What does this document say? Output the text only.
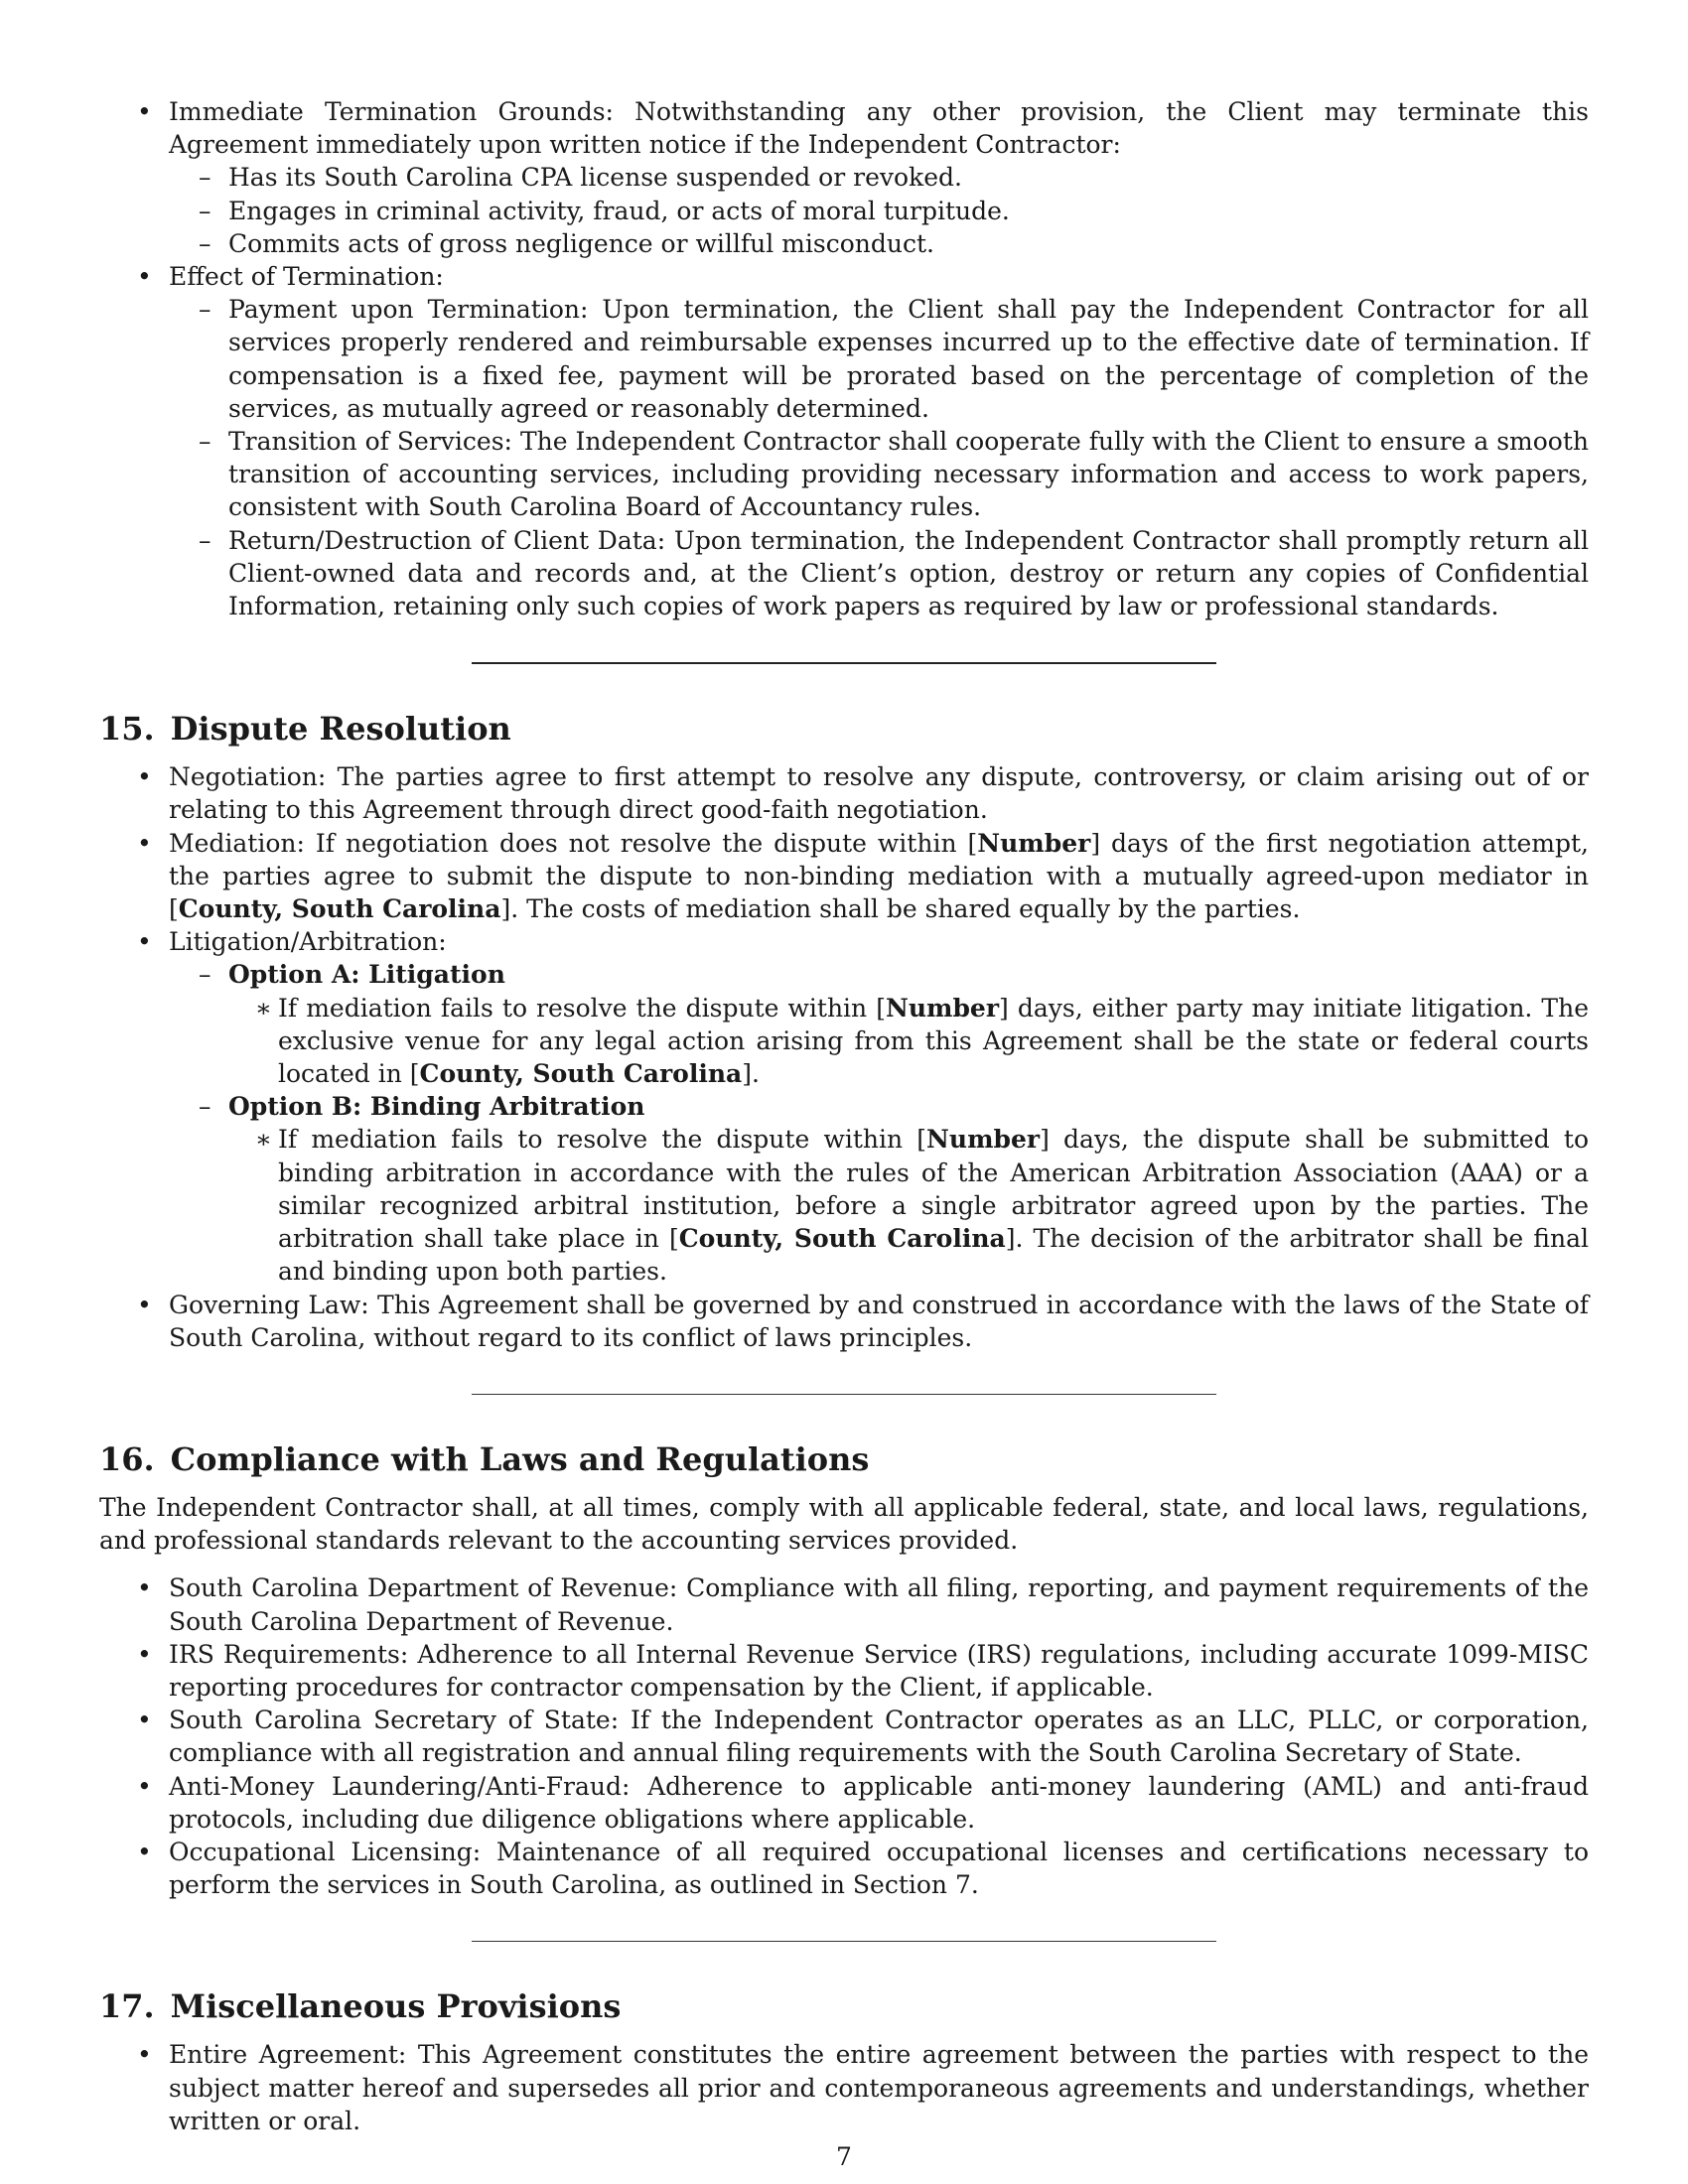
• Immediate Termination Grounds: Notwithstanding any other provision, the Client may terminate this Agreement immediately upon written notice if the Independent Contractor:
– Has its South Carolina CPA license suspended or revoked.
– Engages in criminal activity, fraud, or acts of moral turpitude.
– Commits acts of gross negligence or willful misconduct.
• Effect of Termination:
– Payment upon Termination: Upon termination, the Client shall pay the Independent Contractor for all services properly rendered and reimbursable expenses incurred up to the effective date of termination. If compensation is a fixed fee, payment will be prorated based on the percentage of completion of the services, as mutually agreed or reasonably determined.
– Transition of Services: The Independent Contractor shall cooperate fully with the Client to ensure a smooth transition of accounting services, including providing necessary information and access to work papers, consistent with South Carolina Board of Accountancy rules.
– Return/Destruction of Client Data: Upon termination, the Independent Contractor shall promptly return all Client-owned data and records and, at the Client’s option, destroy or return any copies of Confidential Information, retaining only such copies of work papers as required by law or professional standards.
15. Dispute Resolution
• Negotiation: The parties agree to first attempt to resolve any dispute, controversy, or claim arising out of or relating to this Agreement through direct good-faith negotiation.
• Mediation: If negotiation does not resolve the dispute within [Number] days of the first negotiation attempt, the parties agree to submit the dispute to non-binding mediation with a mutually agreed-upon mediator in [County, South Carolina]. The costs of mediation shall be shared equally by the parties.
• Litigation/Arbitration:
– Option A: Litigation
∗ If mediation fails to resolve the dispute within [Number] days, either party may initiate litigation. The exclusive venue for any legal action arising from this Agreement shall be the state or federal courts located in [County, South Carolina].
– Option B: Binding Arbitration
∗ If mediation fails to resolve the dispute within [Number] days, the dispute shall be submitted to binding arbitration in accordance with the rules of the American Arbitration Association (AAA) or a similar recognized arbitral institution, before a single arbitrator agreed upon by the parties. The arbitration shall take place in [County, South Carolina]. The decision of the arbitrator shall be final and binding upon both parties.
• Governing Law: This Agreement shall be governed by and construed in accordance with the laws of the State of South Carolina, without regard to its conflict of laws principles.
16. Compliance with Laws and Regulations

The Independent Contractor shall, at all times, comply with all applicable federal, state, and local laws, regulations, and professional standards relevant to the accounting services provided.

• South Carolina Department of Revenue: Compliance with all filing, reporting, and payment requirements of the South Carolina Department of Revenue.
• IRS Requirements: Adherence to all Internal Revenue Service (IRS) regulations, including accurate 1099-MISC reporting procedures for contractor compensation by the Client, if applicable.
• South Carolina Secretary of State: If the Independent Contractor operates as an LLC, PLLC, or corporation, compliance with all registration and annual filing requirements with the South Carolina Secretary of State.
• Anti-Money Laundering/Anti-Fraud: Adherence to applicable anti-money laundering (AML) and anti-fraud protocols, including due diligence obligations where applicable.
• Occupational Licensing: Maintenance of all required occupational licenses and certifications necessary to perform the services in South Carolina, as outlined in Section 7.
17. Miscellaneous Provisions
• Entire Agreement: This Agreement constitutes the entire agreement between the parties with respect to the subject matter hereof and supersedes all prior and contemporaneous agreements and understandings, whether written or oral.
7
